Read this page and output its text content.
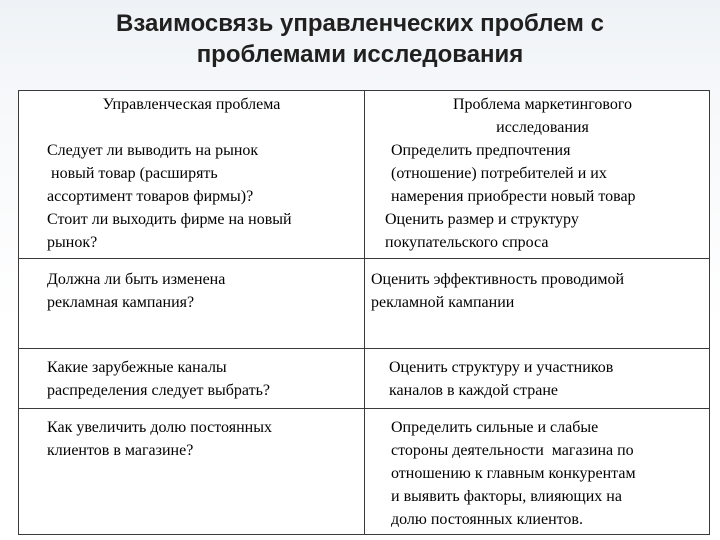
Взаимосвязь управленческих проблем с проблемами исследования
Управленческая проблема	Проблема маркетингового
исследования
Следует ли выводить на рынок
новый товар (расширять
ассортимент товаров фирмы)?
Определить предпочтения
(отношение) потребителей и их
намерения приобрести новый товар
Стоит ли выходить фирме на новый
рынок?
Оценить размер и структуру
покупательского спроса
Должна ли быть изменена
рекламная кампания?
Оценить эффективность проводимой
рекламной кампании
Какие зарубежные каналы
распределения следует выбрать?
Оценить структуру и участников
каналов в каждой стране
Как увеличить долю постоянных
клиентов в магазине?
Определить сильные и слабые
стороны деятельности  магазина по
отношению к главным конкурентам
и выявить факторы, влияющих на
долю постоянных клиентов.
